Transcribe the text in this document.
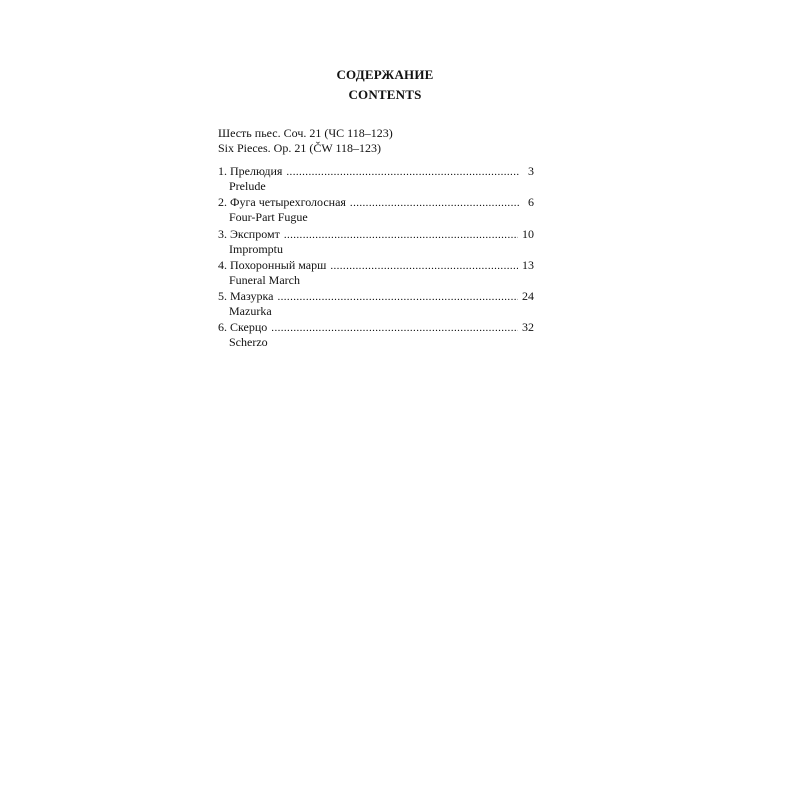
СОДЕРЖАНИЕ
CONTENTS
Шесть пьес. Соч. 21 (ЧС 118–123)
Six Pieces. Op. 21 (ČW 118–123)
1. Прелюдия .....	3
Prelude
2. Фуга четырехголосная .....	6
Four-Part Fugue
3. Экспромт .....	10
Impromptu
4. Похоронный марш .....	13
Funeral March
5. Мазурка .....	24
Mazurka
6. Скерцо .....	32
Scherzo
